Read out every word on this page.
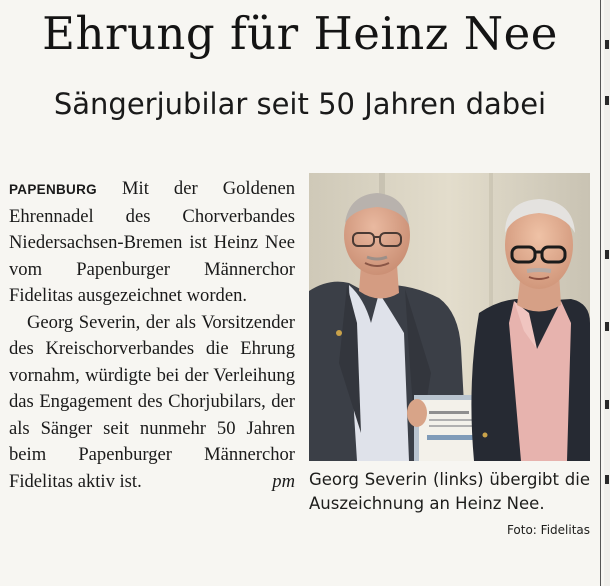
Ehrung für Heinz Nee
Sängerjubilar seit 50 Jahren dabei

PAPENBURG Mit der Goldenen Ehrennadel des Chorverbandes Niedersachsen-Bremen ist Heinz Nee vom Papenburger Männerchor Fidelitas ausgezeichnet worden.

Georg Severin, der als Vorsitzender des Kreischorverbandes die Ehrung vornahm, würdigte bei der Verleihung das Engagement des Chorjubilars, der als Sänger seit nunmehr 50 Jahren beim Papenburger Männerchor Fidelitas aktiv ist.	pm Georg Severin (links) übergibt die Auszeichnung an Heinz Nee.
Foto: Fidelitas
